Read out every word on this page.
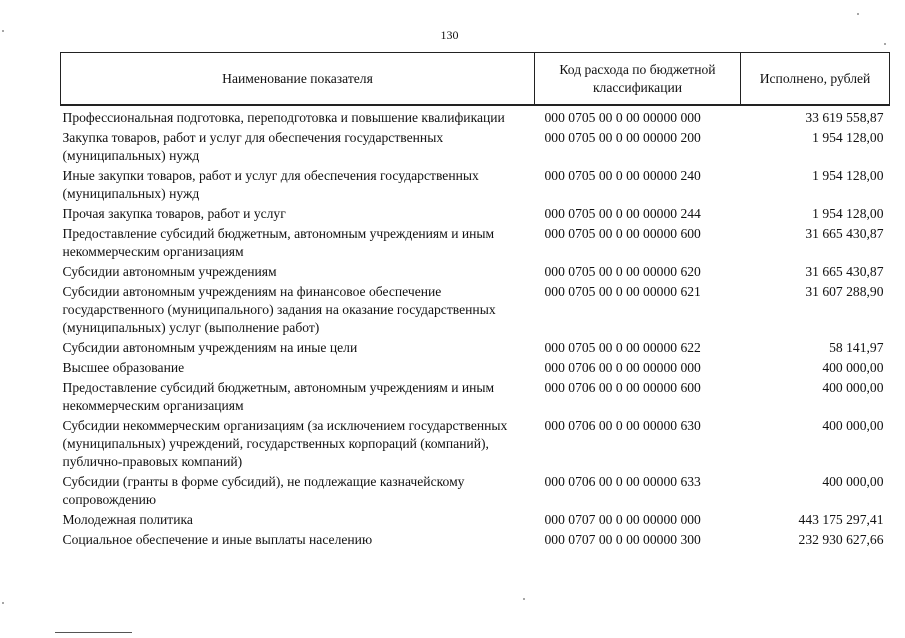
130
Наименование показателя	Код расхода по бюджетной классификации	Исполнено, рублей
Профессиональная подготовка, переподготовка и повышение квалификации	000 0705 00 0 00 00000 000	33 619 558,87
Закупка товаров, работ и услуг для обеспечения государственных (муниципальных) нужд	000 0705 00 0 00 00000 200	1 954 128,00
Иные закупки товаров, работ и услуг для обеспечения государственных (муниципальных) нужд	000 0705 00 0 00 00000 240	1 954 128,00
Прочая закупка товаров, работ и услуг	000 0705 00 0 00 00000 244	1 954 128,00
Предоставление субсидий бюджетным, автономным учреждениям и иным некоммерческим организациям	000 0705 00 0 00 00000 600	31 665 430,87
Субсидии автономным учреждениям	000 0705 00 0 00 00000 620	31 665 430,87
Субсидии автономным учреждениям на финансовое обеспечение государственного (муниципального) задания на оказание государственных (муниципальных) услуг (выполнение работ)	000 0705 00 0 00 00000 621	31 607 288,90
Субсидии автономным учреждениям на иные цели	000 0705 00 0 00 00000 622	58 141,97
Высшее образование	000 0706 00 0 00 00000 000	400 000,00
Предоставление субсидий бюджетным, автономным учреждениям и иным некоммерческим организациям	000 0706 00 0 00 00000 600	400 000,00
Субсидии некоммерческим организациям (за исключением государственных (муниципальных) учреждений, государственных корпораций (компаний), публично-правовых компаний)	000 0706 00 0 00 00000 630	400 000,00
Субсидии (гранты в форме субсидий), не подлежащие казначейскому сопровождению	000 0706 00 0 00 00000 633	400 000,00
Молодежная политика	000 0707 00 0 00 00000 000	443 175 297,41
Социальное обеспечение и иные выплаты населению	000 0707 00 0 00 00000 300	232 930 627,66
